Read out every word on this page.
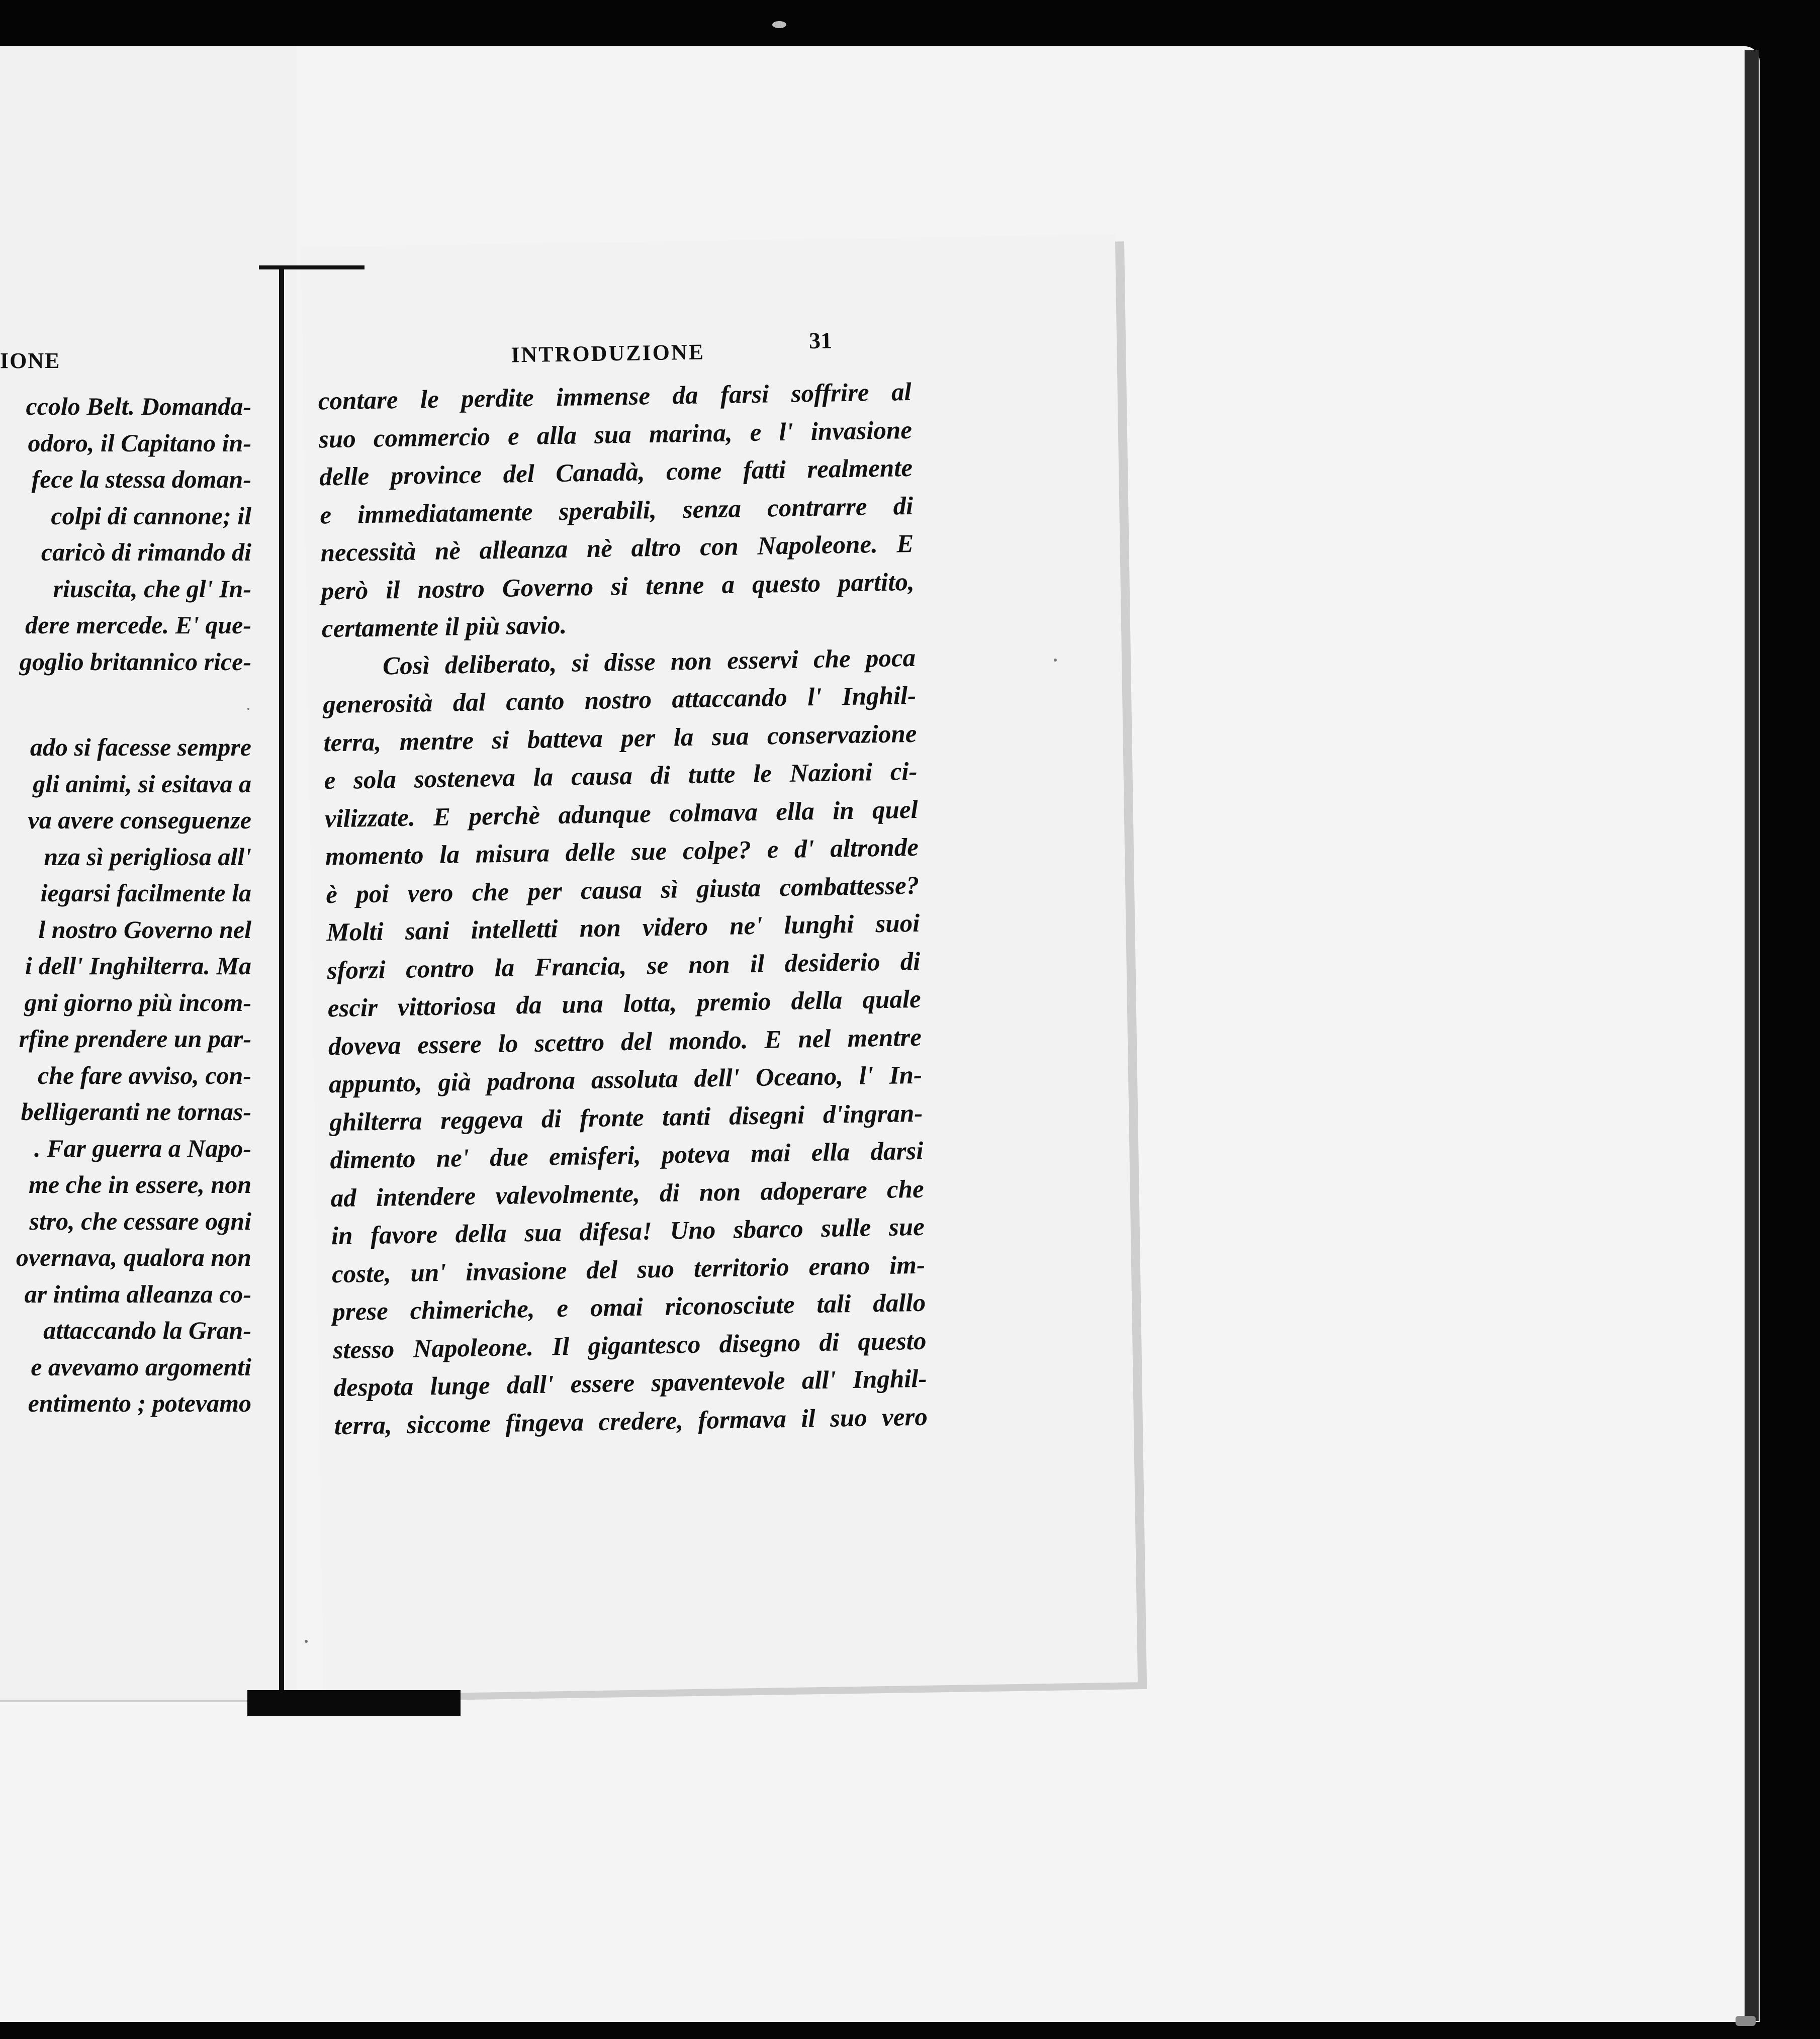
IONE
ccolo Belt. Domanda-
odoro, il Capitano in-
fece la stessa doman-
colpi di cannone; il
caricò di rimando di
riuscita, che gl' In-
dere mercede. E' que-
goglio britannico rice-
ado si facesse sempre
gli animi, si esitava a
va avere conseguenze
nza sì perigliosa all'
iegarsi facilmente la
l nostro Governo nel
i dell' Inghilterra. Ma
gni giorno più incom-
rfine prendere un par-
che fare avviso, con-
belligeranti ne tornas-
. Far guerra a Napo-
me che in essere, non
stro, che cessare ogni
overnava, qualora non
ar intima alleanza co-
attaccando la Gran-
e avevamo argomenti
entimento ; potevamo
INTRODUZIONE	31
contare le perdite immense da farsi soffrire al
suo commercio e alla sua marina, e l' invasione
delle province del Canadà, come fatti realmente
e immediatamente sperabili, senza contrarre di
necessità nè alleanza nè altro con Napoleone. E
però il nostro Governo si tenne a questo partito,
certamente il più savio.
Così deliberato, si disse non esservi che poca
generosità dal canto nostro attaccando l' Inghil-
terra, mentre si batteva per la sua conservazione
e sola sosteneva la causa di tutte le Nazioni ci-
vilizzate. E perchè adunque colmava ella in quel
momento la misura delle sue colpe? e d' altronde
è poi vero che per causa sì giusta combattesse?
Molti sani intelletti non videro ne' lunghi suoi
sforzi contro la Francia, se non il desiderio di
escir vittoriosa da una lotta, premio della quale
doveva essere lo scettro del mondo. E nel mentre
appunto, già padrona assoluta dell' Oceano, l' In-
ghilterra reggeva di fronte tanti disegni d'ingran-
dimento ne' due emisferi, poteva mai ella darsi
ad intendere valevolmente, di non adoperare che
in favore della sua difesa! Uno sbarco sulle sue
coste, un' invasione del suo territorio erano im-
prese chimeriche, e omai riconosciute tali dallo
stesso Napoleone. Il gigantesco disegno di questo
despota lunge dall' essere spaventevole all' Inghil-
terra, siccome fingeva credere, formava il suo vero
